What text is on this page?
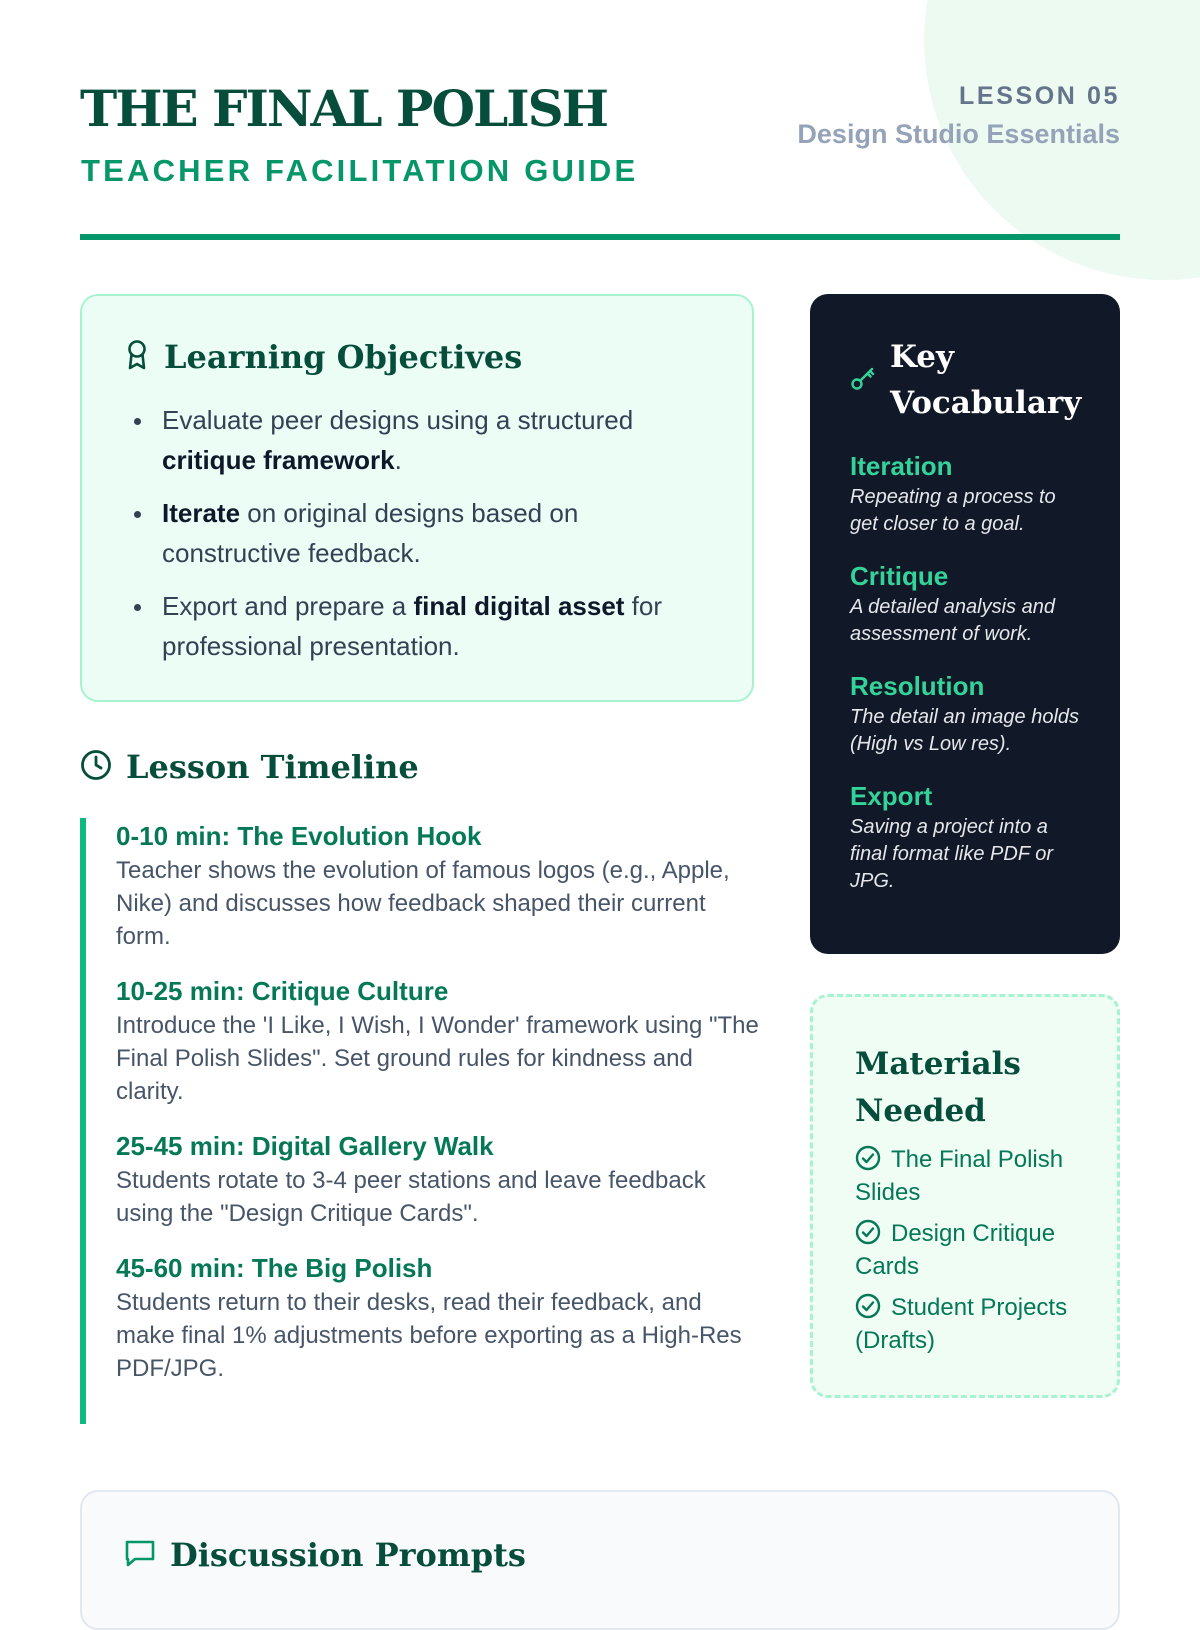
THE FINAL POLISH
TEACHER FACILITATION GUIDE
LESSON 05
Design Studio Essentials
Learning Objectives
Evaluate peer designs using a structured critique framework.
Iterate on original designs based on constructive feedback.
Export and prepare a final digital asset for professional presentation.
Lesson Timeline
0-10 min: The Evolution Hook

Teacher shows the evolution of famous logos (e.g., Apple, Nike) and discusses how feedback shaped their current form.

10-25 min: Critique Culture

Introduce the 'I Like, I Wish, I Wonder' framework using "The Final Polish Slides". Set ground rules for kindness and clarity.

25-45 min: Digital Gallery Walk

Students rotate to 3-4 peer stations and leave feedback using the "Design Critique Cards".

45-60 min: The Big Polish

Students return to their desks, read their feedback, and make final 1% adjustments before exporting as a High-Res PDF/JPG.

Key Vocabulary
Iteration

Repeating a process to get closer to a goal.

Critique

A detailed analysis and assessment of work.

Resolution

The detail an image holds (High vs Low res).

Export

Saving a project into a final format like PDF or JPG.

Materials Needed
The Final Polish Slides
Design Critique Cards
Student Projects (Drafts)
Discussion Prompts
